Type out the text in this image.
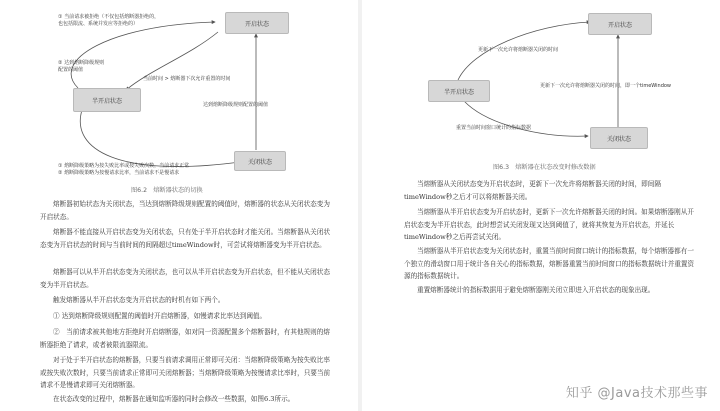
开启状态
半开启状态
关闭状态
① 当前请求被拒绝（不仅包括熔断器拒绝的，
也包括限流、系统并发应等拒绝的）
② 达到熔断降级规则
配置的阈值
当前时间 > 熔断器下次允许重置的时间
达到熔断降级规则配置的阈值
① 熔断降级策略为按失败比率或按失败次数，当前请求正常
② 熔断降级策略为按慢请求比率，当前请求不是慢请求
图6.2　熔断器状态的切换

熔断器初始状态为关闭状态，当达到熔断降级规则配置的阈值时，熔断器的状态从关闭状态变为开启状态。

熔断器不能直接从开启状态变为关闭状态，只有处于半开启状态时才能关闭。当熔断器从关闭状态变为开启状态的时间与当前时间的间隔超过timeWindow时，可尝试将熔断器变为半开启状态。

熔断器可以从半开启状态变为关闭状态，也可以从半开启状态变为开启状态，但不能从关闭状态变为半开启状态。

触发熔断器从半开启状态变为开启状态的时机有如下两个。

① 达到熔断降级规则配置的阈值时开启熔断器，如慢请求比率达到阈值。

②　当前请求被其他地方拒绝时开启熔断器，如对同一资源配置多个熔断器时，有其他规则的熔断器拒绝了请求，或者被限流器限流。

对于处于半开启状态的熔断器，只要当前请求调用正常即可关闭：当熔断降级策略为按失败比率或按失败次数时，只要当前请求正常即可关闭熔断器；当熔断降级策略为按慢请求比率时，只要当前请求不是慢请求即可关闭熔断器。

在状态改变的过程中，熔断器在通知监听器的同时会修改一些数据，如图6.3所示。

开启状态
半开启状态
关闭状态
更新下一次允许将熔断器关闭的时间
更新下一次允许将熔断器关闭的时间，即一个timeWindow
重置当前时间窗口统计的指标数据
图6.3　熔断器在状态改变时修改数据

当熔断器从关闭状态变为开启状态时，更新下一次允许将熔断器关闭的时间，即间隔timeWindow秒之后才可以将熔断器关闭。

当熔断器从半开启状态变为开启状态时，更新下一次允许熔断器关闭的时间。如果熔断器刚从开启状态变为半开启状态，此时想尝试关闭发现又达到阈值了，就将其恢复为开启状态，并延长timeWindow秒之后再尝试关闭。

当熔断器从半开启状态变为关闭状态时，重置当前时间窗口统计的指标数据，每个熔断器都有一个独立的滑动窗口用于统计各自关心的指标数据，熔断器重置当前时间窗口的指标数据统计并重置资源的指标数据统计。

重置熔断器统计的指标数据用于避免熔断器刚关闭立即进入开启状态的现象出现。

知乎 @Java技术那些事
